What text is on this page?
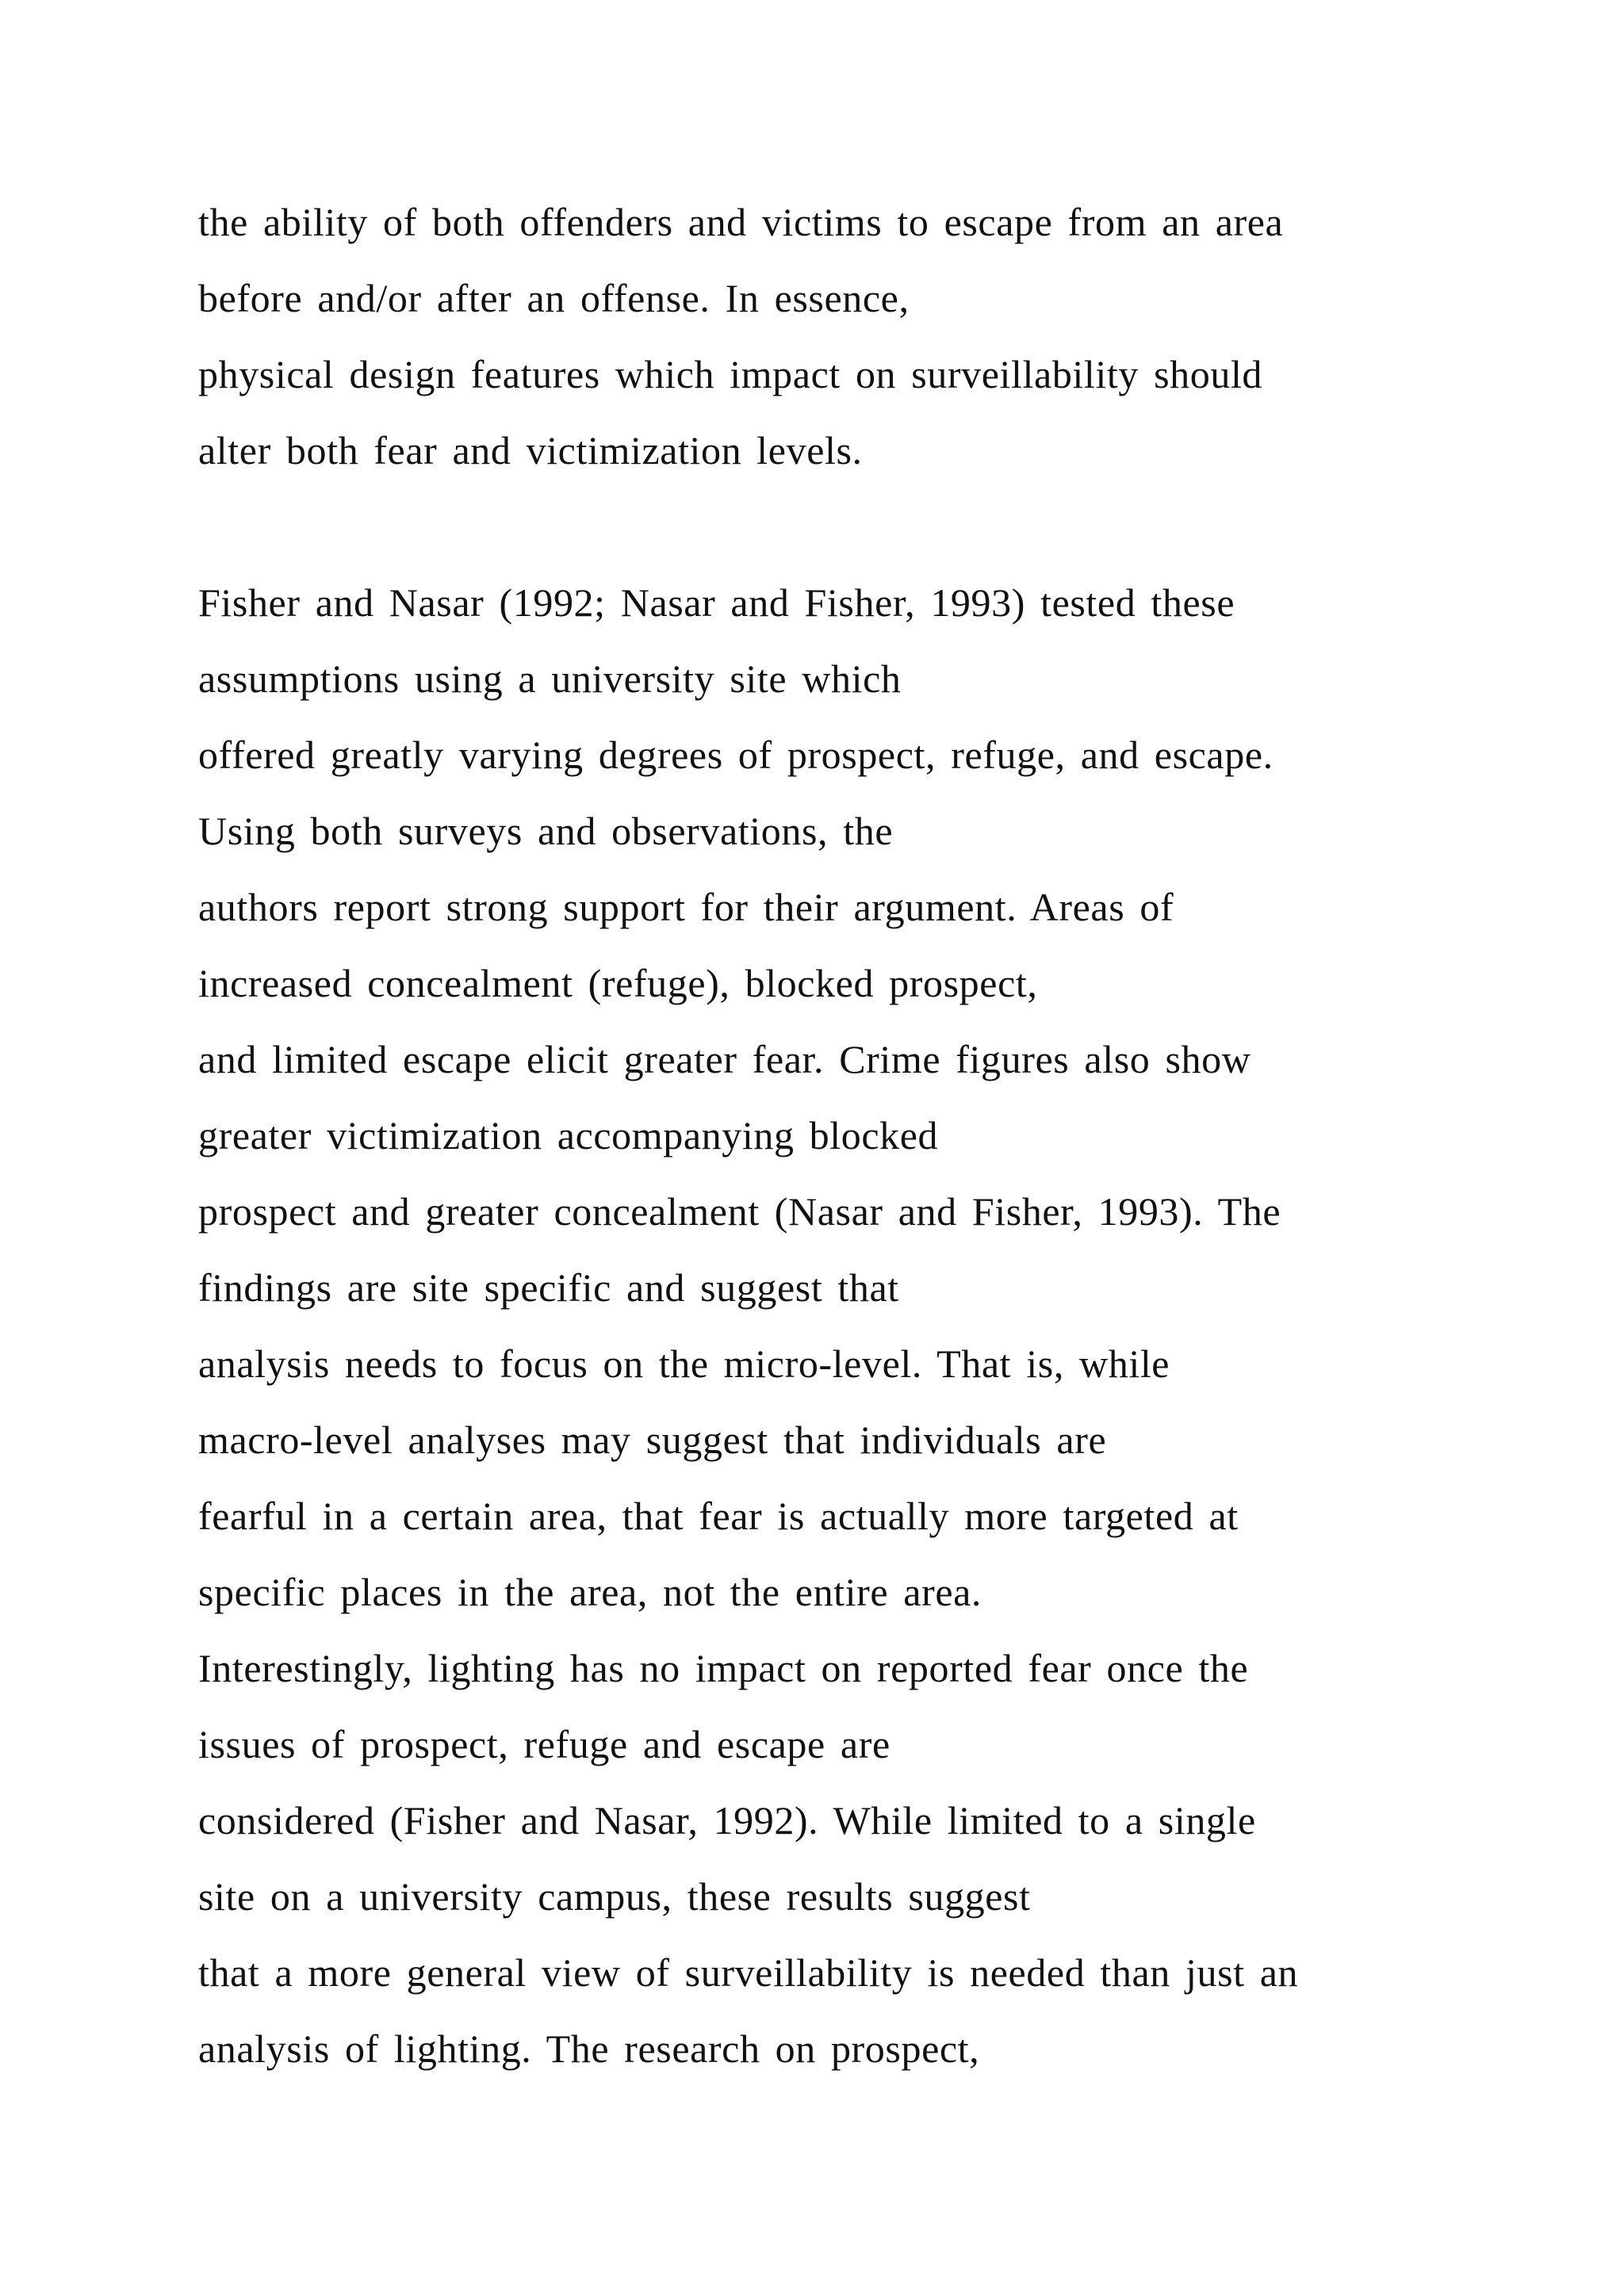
the ability of both offenders and victims to escape from an area
before and/or after an offense. In essence,
physical design features which impact on surveillability should
alter both fear and victimization levels.
Fisher and Nasar (1992; Nasar and Fisher, 1993) tested these
assumptions using a university site which
offered greatly varying degrees of prospect, refuge, and escape.
Using both surveys and observations, the
authors report strong support for their argument. Areas of
increased concealment (refuge), blocked prospect,
and limited escape elicit greater fear. Crime figures also show
greater victimization accompanying blocked
prospect and greater concealment (Nasar and Fisher, 1993). The
findings are site specific and suggest that
analysis needs to focus on the micro-level. That is, while
macro-level analyses may suggest that individuals are
fearful in a certain area, that fear is actually more targeted at
specific places in the area, not the entire area.
Interestingly, lighting has no impact on reported fear once the
issues of prospect, refuge and escape are
considered (Fisher and Nasar, 1992). While limited to a single
site on a university campus, these results suggest
that a more general view of surveillability is needed than just an
analysis of lighting. The research on prospect,
